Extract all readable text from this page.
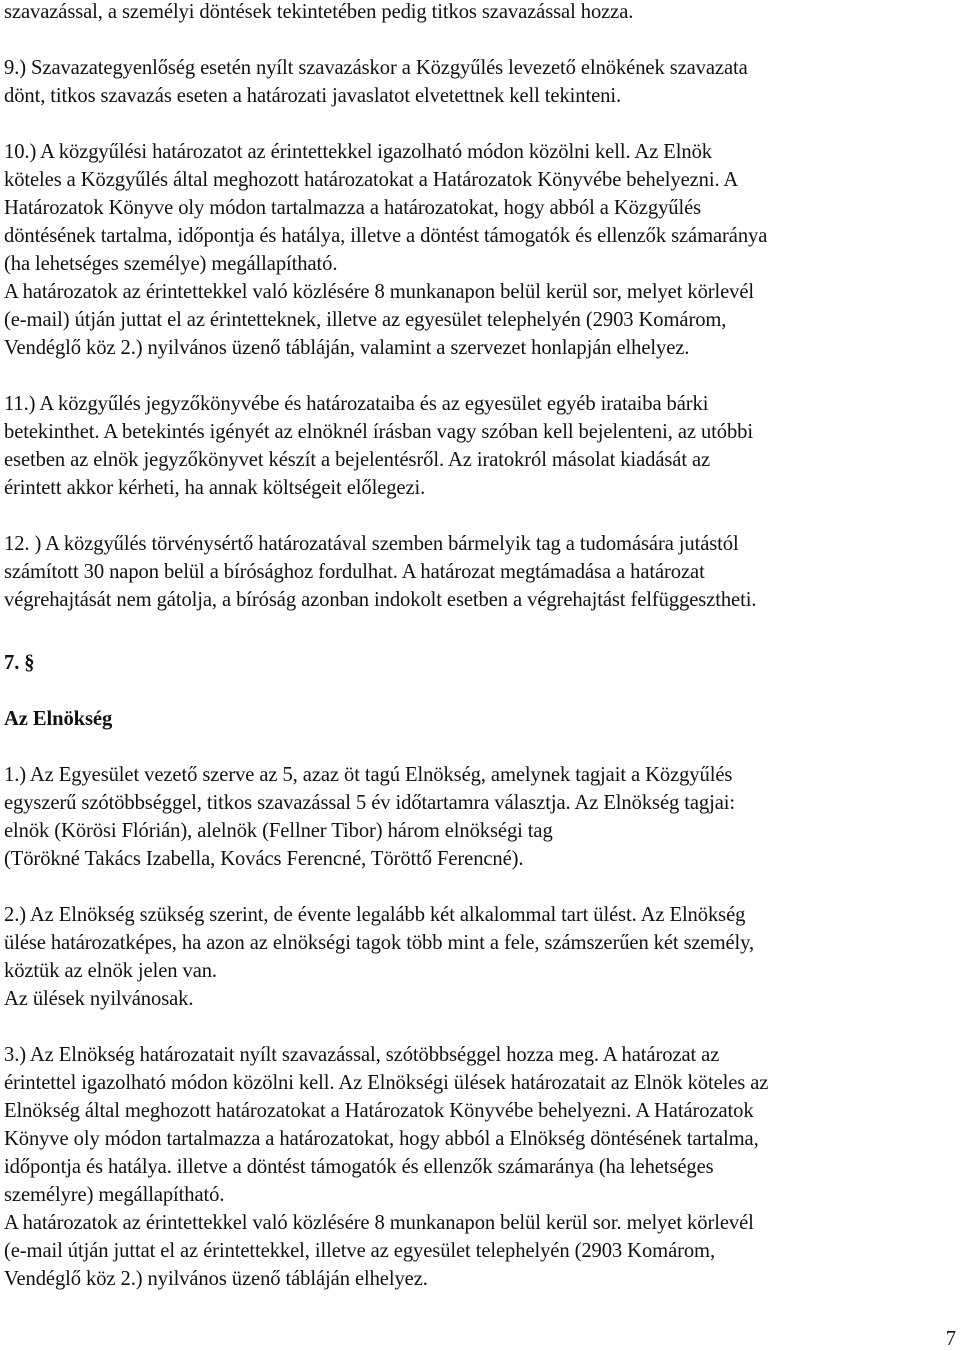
szavazással, a személyi döntések tekintetében pedig titkos szavazással hozza.
9.) Szavazategyenlőség esetén nyílt szavazáskor a Közgyűlés levezető elnökének szavazata
dönt, titkos szavazás eseten a határozati javaslatot elvetettnek kell tekinteni.
10.) A közgyűlési határozatot az érintettekkel igazolható módon közölni kell. Az Elnök
köteles a Közgyűlés által meghozott határozatokat a Határozatok Könyvébe behelyezni. A
Határozatok Könyve oly módon tartalmazza a határozatokat, hogy abból a Közgyűlés
döntésének tartalma, időpontja és hatálya, illetve a döntést támogatók és ellenzők számaránya
(ha lehetséges személye) megállapítható.
A határozatok az érintettekkel való közlésére 8 munkanapon belül kerül sor, melyet körlevél
(e-mail) útján juttat el az érintetteknek, illetve az egyesület telephelyén (2903 Komárom,
Vendéglő köz 2.) nyilvános üzenő tábláján, valamint a szervezet honlapján elhelyez.
11.) A közgyűlés jegyzőkönyvébe és határozataiba és az egyesület egyéb irataiba bárki
betekinthet. A betekintés igényét az elnöknél írásban vagy szóban kell bejelenteni, az utóbbi
esetben az elnök jegyzőkönyvet készít a bejelentésről. Az iratokról másolat kiadását az
érintett akkor kérheti, ha annak költségeit előlegezi.
12. ) A közgyűlés törvénysértő határozatával szemben bármelyik tag a tudomására jutástól
számított 30 napon belül a bírósághoz fordulhat. A határozat megtámadása a határozat
végrehajtását nem gátolja, a bíróság azonban indokolt esetben a végrehajtást felfüggesztheti.
7. §
Az Elnökség
1.) Az Egyesület vezető szerve az 5, azaz öt tagú Elnökség, amelynek tagjait a Közgyűlés
egyszerű szótöbbséggel, titkos szavazással 5 év időtartamra választja. Az Elnökség tagjai:
elnök (Körösi Flórián), alelnök (Fellner Tibor) három elnökségi tag
(Törökné Takács Izabella, Kovács Ferencné, Töröttő Ferencné).
2.) Az Elnökség szükség szerint, de évente legalább két alkalommal tart ülést. Az Elnökség
ülése határozatképes, ha azon az elnökségi tagok több mint a fele, számszerűen két személy,
köztük az elnök jelen van.
Az ülések nyilvánosak.
3.) Az Elnökség határozatait nyílt szavazással, szótöbbséggel hozza meg. A határozat az
érintettel igazolható módon közölni kell. Az Elnökségi ülések határozatait az Elnök köteles az
Elnökség által meghozott határozatokat a Határozatok Könyvébe behelyezni. A Határozatok
Könyve oly módon tartalmazza a határozatokat, hogy abból a Elnökség döntésének tartalma,
időpontja és hatálya. illetve a döntést támogatók és ellenzők számaránya (ha lehetséges
személyre) megállapítható.
A határozatok az érintettekkel való közlésére 8 munkanapon belül kerül sor. melyet körlevél
(e-mail útján juttat el az érintettekkel, illetve az egyesület telephelyén (2903 Komárom,
Vendéglő köz 2.) nyilvános üzenő tábláján elhelyez.
7
